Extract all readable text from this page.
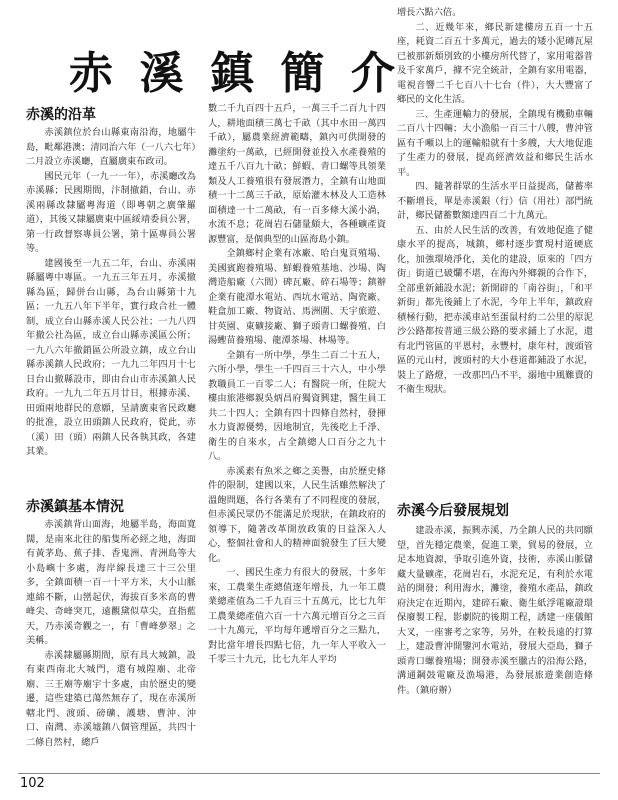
赤 溪 鎮 簡 介
赤溪的沿革

赤溪鎮位於台山縣東南沿海，地屬牛島，毗鄰港澳；清同治六年（一八六七年）二月設立赤溪廳，直屬廣東布政司。

國民元年（一九一一年），赤溪廳改為赤溪縣；民國期間，汴制撤銷，台山、赤溪兩縣改隸屬粵海道（即粵朝之廣肇羅道），其後又隸屬廣東中區綏靖委員公署，第一行政督察專員公署，第十區專員公署等。

建國後至一九五二年，台山、赤溪兩縣屬粵中專區。一九五三年五月，赤溪撤縣為區，歸併台山縣，為台山縣第十九區；一九五八年下半年，實行政合社一體制，成立台山縣赤溪人民公社；一九八四年撤公社為區，成立台山縣赤溪區公所；一九八六年撤銷區公所設立鎮，成立台山縣赤溪鎮人民政府；一九九二年四月十七日台山撤縣設市，即由台山市赤溪鎮人民政府。一九九二年五月廿日，根據赤溪、田頭兩地群民的意願，呈請廣東省民政廳的批准，設立田頭鎮人民政府，從此，赤（溪）田（頭）兩鎮人民各執其政，各建其業。

赤溪鎮基本情況

赤溪鎮背山面海，地屬半島，海面寬闊，是南來北往的船隻所必經之地，海面有黃茅島、蕉子排、香鬼洲、青洲島等大小島嶼十多處，海岸線長達三十三公里多，全鎮面積一百一十平方米，大小山脈連綿不斷，山巒起伏，海拔百多米高的曹峰尖、奇峰突兀，遠觀黛似草尖，直指藍天，乃赤溪奇觀之一，有「曹峰夢翠」之美稱。

赤溪隸屬縣期間，原有具大城鎮，設有東西南北大城門，還有城隍廟、北帝廟、三王廟等廟宇十多處，由於歷史的變遷，這些建築已蕩然無存了，現在赤溪所轄北門、渡頭、磅礦、護塘、曹沖、沖口、南灣、赤溪墟鎮八個管理區，共四十二條自然村，總戶

數二千九百四十五戶，一萬三千二百九十四人，耕地面積三萬七千畝（其中水田一萬四千畝），屬農業經濟範疇，鎮內可供開發的灘塗約一萬畝，已經開發並投入水產養殖的達五千八百九十畝；鮮蝦、青口螺等具領業類及人工養殖很有發展潛力，全鎮有山地面積一十二萬三千畝，原始灌木林及人工造林面積達一十二萬畝，有一百多條大溪小渦，水流不息；花崗岩石儲量頗大，各種礦產資源豐富，是個典型的山區海島小鎮。

全鎮鄉村企業有冰廠、哈白鬼頁殖場、美國賓跑養殖場、鮮蝦養殖基地、沙場、陶灣造船廠（六間）碑瓦廠、碎石場等；鎮辦企業有龍潭水電站、西坑水電站、陶瓷廠、鞋盒加工廠、物資站、馬洲圍、天宇旅遊、甘英園、東礦接廠、獅子頭青口螺養殖、白湯蟶苗養殖場、龍潭茶場、林場等。

全鎮有一所中學，學生二百二十五人，六所小學，學生一千四百三十六人，中小學教職員工一百零二人；有醫院一所，住院大樓由旅港鄉親吳炳昌府獨資興建，醫生員工共二十四人；全鎮有四十四條自然村，發揮水力資源優勢，因地制宜，先後吃上千淨、衛生的自來水，占全鎮總人口百分之九十八。

赤溪素有魚米之鄉之美譽，由於歷史條件的限制，建國以來，人民生活雖然解決了溫飽問題，各行各業有了不同程度的發展，但赤溪民眾仍不能滿足於現狀，在鎮政府的領導下，隨著改革開放政策的日益深入人心，整個社會和人的精神面貌發生了巨大變化。

一、國民生產力有很大的發展，十多年來，工農業生產總值逐年增長，九一年工農業總產值為二千九百三十五萬元，比七九年工農業總產值六百一十六萬元增百分之三百一十九萬元，平均每年遞增百分之三點九，對比當年增長四點七倍，九一年人平收入一千零三十九元，比七九年人平均

增長六點六倍。

二、近幾年來，鄉民新建樓房五百一十五座，耗資二百五十多萬元，過去的矮小泥磚瓦屋已被那新頹別致的小樓房所代替了，家用電器普及千家萬戶，據不完全統計，全鎮有家用電器，電視音響二千七百八十七台（件），大大豐富了鄉民的文化生活。

三、生產運輸力的發展，全鎮現有機動車輛二百八十四輛；大小漁船一百三十八艘，曹沖管區有千噸以上的運輸船就有十多艘，大大地促進了生產力的發展，提高經濟效益和鄉民生活水平。

四、隨著群眾的生活水平日益提高，儲蓄率不斷增長，單是赤溪銀（行）信（用社）部門統計，鄉民儲蓄數額達四百二十九萬元。

五、由於人民生活的改善，有效地促進了健康水平的提高，城鎮，鄉村逐步實現村道硬底化，加強環境淨化，美化的建設，原來的「四方街」街道已破爛不堪，在海內外鄉親的合作下，全部重新鋪設水泥；新開辟的「南谷街」，「和平新街」都先後鋪上了水泥，今年上半年，鎮政府積極行動，把赤溪車站至蛋鼠村約二公里的原泥沙公路都按普通三級公路的要求鋪上了水泥，還有北門管區的平恩村，永豐村，康年村，渡頭管區的元山村，渡頭村的大小巷道都鋪設了水泥，裝上了路燈，一改那凹凸不平，溺地中風難賣的不衛生現狀。

赤溪今后發展規划

建設赤溪，振興赤溪，乃全鎮人民的共同願望，首先穩定農業，促進工業，貿易的發展，立足本地資源，爭取引進外資，技術，赤溪山脈儲藏大量礦產，花崗岩石，水泥充足，有利於水電站的開發；利用海水，灘塗，養殖水產品，鎮政府決定在近期內，建碎石廠、衛生紙浮電廠證環保廢製工程，影劇院的後期工程，誘建一座儀館大叉，一座審考之家等，另外，在較長遠的打算上，建設曹沖開鑒河水電站，發展大亞島，獅子頭青口螺養殖場；開發赤溪至臘古的沿海公路，溝通鋼鼓電廠及漁場港，為發展旅遊業創造條件。（鎮府辦）

102
